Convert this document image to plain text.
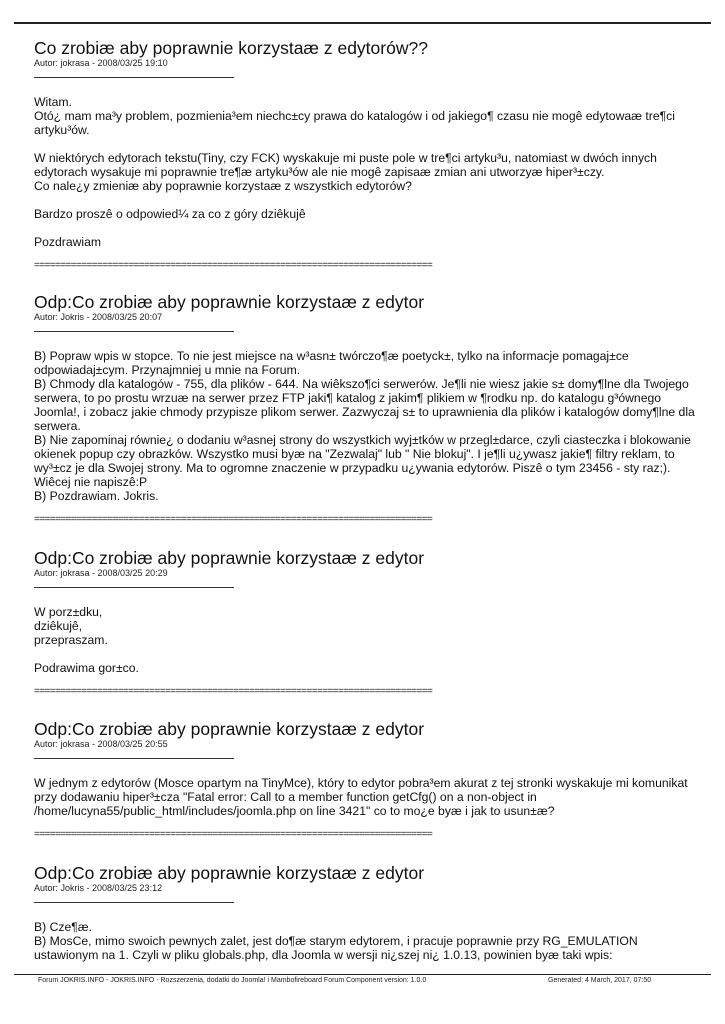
Co zrobiæ aby poprawnie korzystaæ z edytorów??
Autor: jokrasa - 2008/03/25 19:10

Witam.

Otó¿ mam ma³y problem, pozmienia³em niechc±cy prawa do katalogów i od jakiego¶ czasu nie mogê edytowaæ tre¶ci artyku³ów.

W niektórych edytorach tekstu(Tiny, czy FCK) wyskakuje mi puste pole w tre¶ci artyku³u, natomiast w dwóch innych edytorach wysakuje mi poprawnie tre¶æ artyku³ów ale nie mogê zapisaæ zmian ani utworzyæ hiper³±czy.

Co nale¿y zmieniæ aby poprawnie korzystaæ z wszystkich edytorów?

Bardzo proszê o odpowied¼ za co z góry dziêkujê

Pozdrawiam

============================================================================
Odp:Co zrobiæ aby poprawnie korzystaæ z edytor
Autor: Jokris - 2008/03/25 20:07

B) Popraw wpis w stopce. To nie jest miejsce na w³asn± twórczo¶æ poetyck±, tylko na informacje pomagaj±ce odpowiadaj±cym. Przynajmniej u mnie na Forum.

B) Chmody dla katalogów - 755, dla plików - 644. Na wiêkszo¶ci serwerów. Je¶li nie wiesz jakie s± domy¶lne dla Twojego serwera, to po prostu wrzuæ na serwer przez FTP jaki¶ katalog z jakim¶ plikiem w ¶rodku np. do katalogu g³ównego Joomla!, i zobacz jakie chmody przypisze plikom serwer. Zazwyczaj s± to uprawnienia dla plików i katalogów domy¶lne dla serwera.

B) Nie zapominaj równie¿ o dodaniu w³asnej strony do wszystkich wyj±tków w przegl±darce, czyli ciasteczka i blokowanie okienek popup czy obrazków. Wszystko musi byæ na "Zezwalaj" lub " Nie blokuj". I je¶li u¿ywasz jakie¶ filtry reklam, to wy³±cz je dla Swojej strony. Ma to ogromne znaczenie w przypadku u¿ywania edytorów. Piszê o tym 23456 - sty raz;).

Wiêcej nie napiszê:P

B) Pozdrawiam. Jokris.

============================================================================
Odp:Co zrobiæ aby poprawnie korzystaæ z edytor
Autor: jokrasa - 2008/03/25 20:29

W porz±dku,

dziêkujê,

przepraszam.

Podrawima gor±co.

============================================================================
Odp:Co zrobiæ aby poprawnie korzystaæ z edytor
Autor: jokrasa - 2008/03/25 20:55

W jednym z edytorów (Mosce opartym na TinyMce), który to edytor pobra³em akurat z tej stronki wyskakuje mi komunikat przy dodawaniu hiper³±cza "Fatal error: Call to a member function getCfg() on a non-object in /home/lucyna55/public_html/includes/joomla.php on line 3421" co to mo¿e byæ i jak to usun±æ?

============================================================================
Odp:Co zrobiæ aby poprawnie korzystaæ z edytor
Autor: Jokris - 2008/03/25 23:12

B) Cze¶æ.

B) MosCe, mimo swoich pewnych zalet, jest do¶æ starym edytorem, i pracuje poprawnie przy RG_EMULATION ustawionym na 1. Czyli w pliku globals.php, dla Joomla w wersji ni¿szej ni¿ 1.0.13, powinien byæ taki wpis:

Forum JOKRIS.INFO - JOKRIS.INFO - Rozszerzenia, dodatki do Joomla! i Mambofireboard Forum Component version: 1.0.0	Generated: 4 March, 2017, 07:50
